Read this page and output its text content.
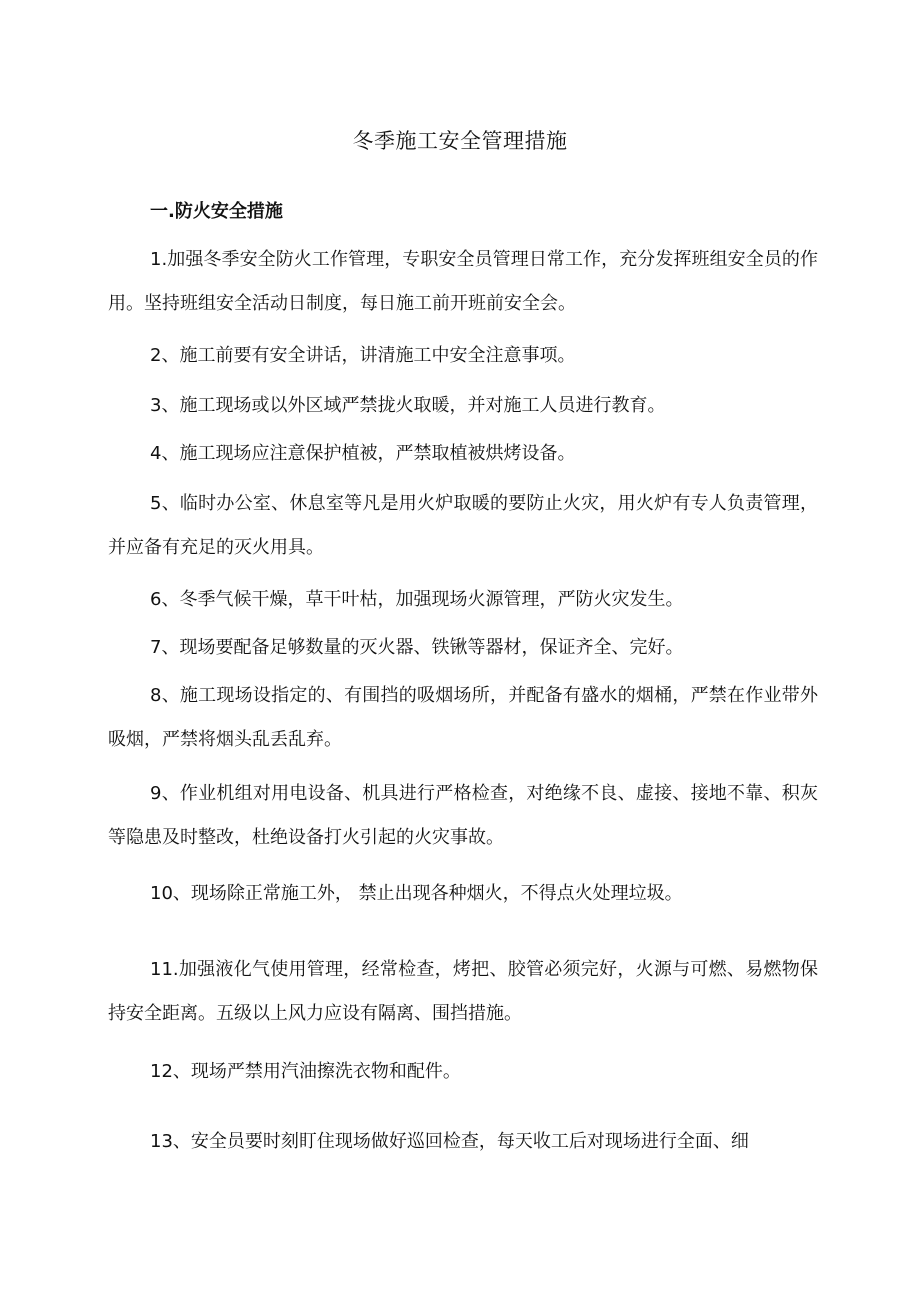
冬季施工安全管理措施
一.防火安全措施

1.加强冬季安全防火工作管理，专职安全员管理日常工作，充分发挥班组安全员的作用。坚持班组安全活动日制度，每日施工前开班前安全会。

2、施工前要有安全讲话，讲清施工中安全注意事项。

3、施工现场或以外区域严禁拢火取暖，并对施工人员进行教育。

4、施工现场应注意保护植被，严禁取植被烘烤设备。

5、临时办公室、休息室等凡是用火炉取暖的要防止火灾，用火炉有专人负责管理，并应备有充足的灭火用具。

6、冬季气候干燥，草干叶枯，加强现场火源管理，严防火灾发生。

7、现场要配备足够数量的灭火器、铁锹等器材，保证齐全、完好。

8、施工现场设指定的、有围挡的吸烟场所，并配备有盛水的烟桶，严禁在作业带外吸烟，严禁将烟头乱丢乱弃。

9、作业机组对用电设备、机具进行严格检查，对绝缘不良、虚接、接地不靠、积灰等隐患及时整改，杜绝设备打火引起的火灾事故。

10、现场除正常施工外， 禁止出现各种烟火，不得点火处理垃圾。

11.加强液化气使用管理，经常检查，烤把、胶管必须完好，火源与可燃、易燃物保持安全距离。五级以上风力应设有隔离、围挡措施。

12、现场严禁用汽油擦洗衣物和配件。

13、安全员要时刻盯住现场做好巡回检查，每天收工后对现场进行全面、细
